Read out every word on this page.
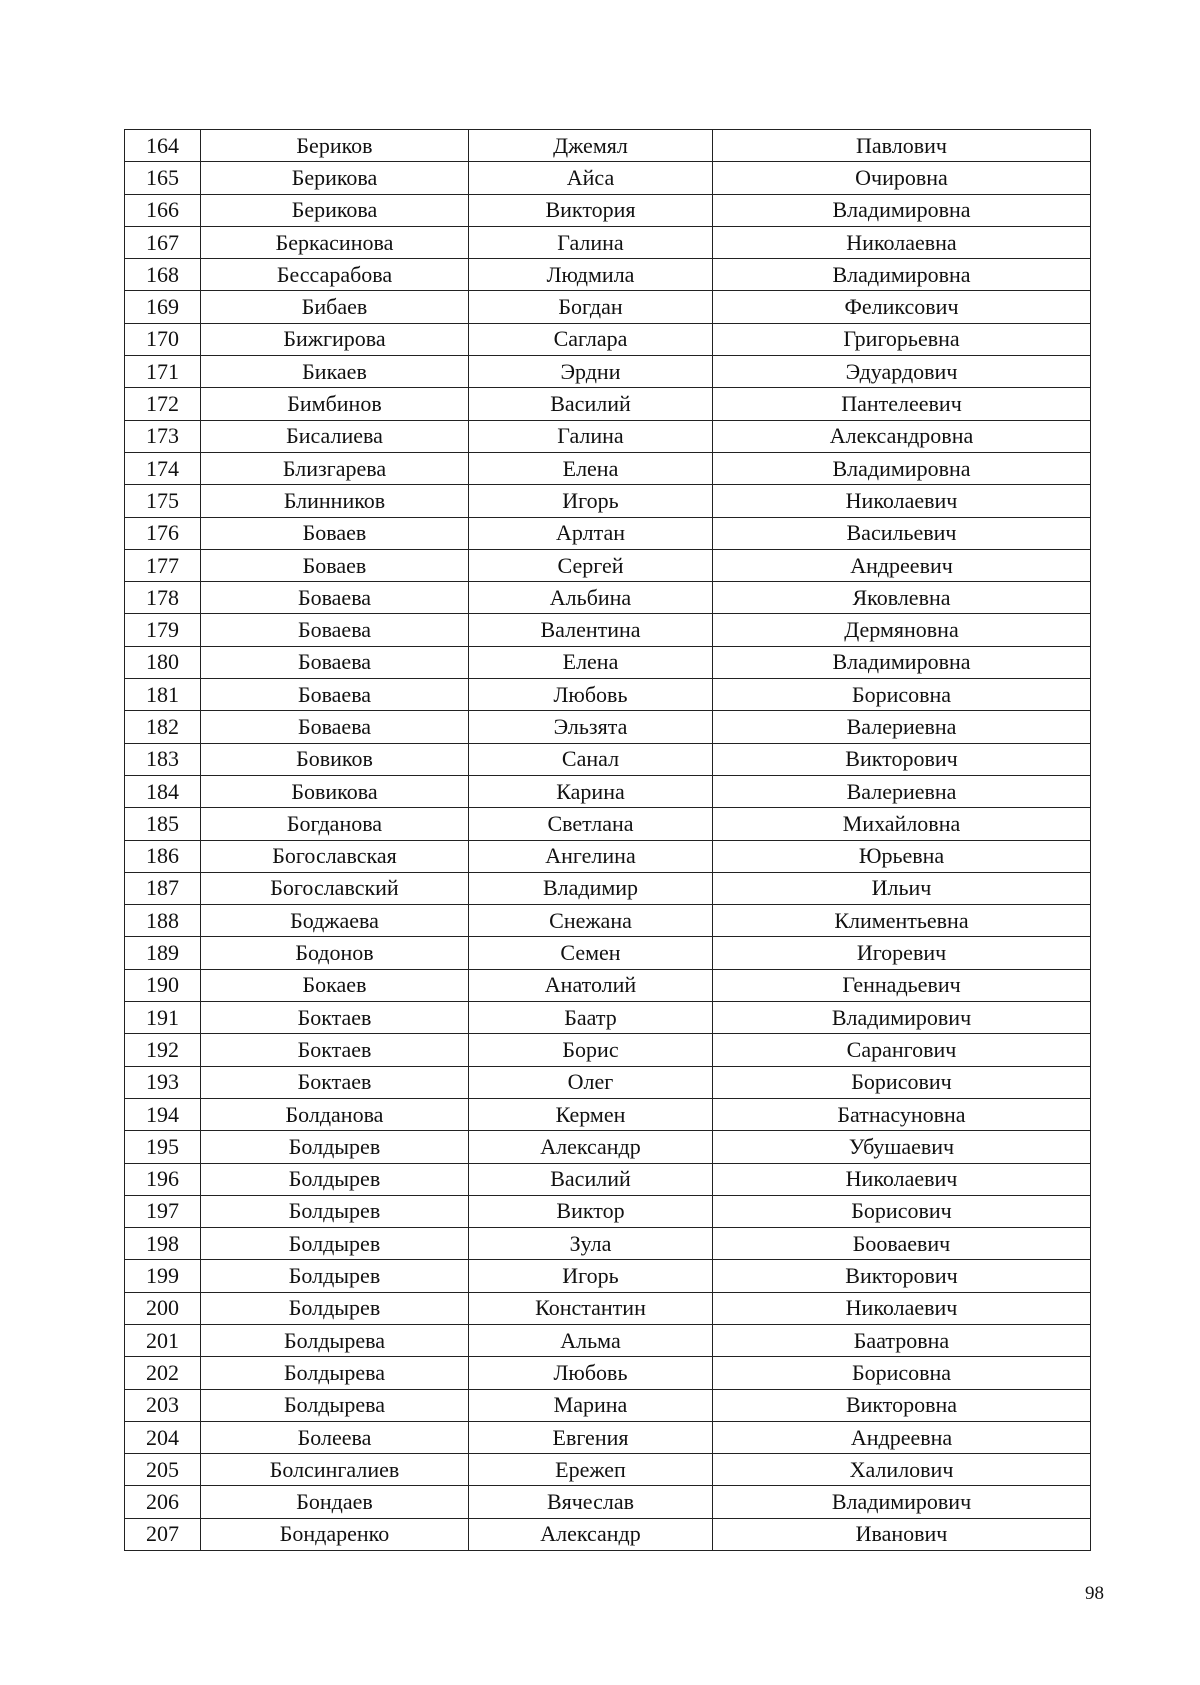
164	Бериков	Джемял	Павлович
165	Берикова	Айса	Очировна
166	Берикова	Виктория	Владимировна
167	Беркасинова	Галина	Николаевна
168	Бессарабова	Людмила	Владимировна
169	Бибаев	Богдан	Феликсович
170	Бижгирова	Саглара	Григорьевна
171	Бикаев	Эрдни	Эдуардович
172	Бимбинов	Василий	Пантелеевич
173	Бисалиева	Галина	Александровна
174	Близгарева	Елена	Владимировна
175	Блинников	Игорь	Николаевич
176	Боваев	Арлтан	Васильевич
177	Боваев	Сергей	Андреевич
178	Боваева	Альбина	Яковлевна
179	Боваева	Валентина	Дермяновна
180	Боваева	Елена	Владимировна
181	Боваева	Любовь	Борисовна
182	Боваева	Эльзята	Валериевна
183	Бовиков	Санал	Викторович
184	Бовикова	Карина	Валериевна
185	Богданова	Светлана	Михайловна
186	Богославская	Ангелина	Юрьевна
187	Богославский	Владимир	Ильич
188	Боджаева	Снежана	Климентьевна
189	Бодонов	Семен	Игоревич
190	Бокаев	Анатолий	Геннадьевич
191	Боктаев	Баатр	Владимирович
192	Боктаев	Борис	Сарангович
193	Боктаев	Олег	Борисович
194	Болданова	Кермен	Батнасуновна
195	Болдырев	Александр	Убушаевич
196	Болдырев	Василий	Николаевич
197	Болдырев	Виктор	Борисович
198	Болдырев	Зула	Бооваевич
199	Болдырев	Игорь	Викторович
200	Болдырев	Константин	Николаевич
201	Болдырева	Альма	Баатровна
202	Болдырева	Любовь	Борисовна
203	Болдырева	Марина	Викторовна
204	Болеева	Евгения	Андреевна
205	Болсингалиев	Ережеп	Халилович
206	Бондаев	Вячеслав	Владимирович
207	Бондаренко	Александр	Иванович
98
